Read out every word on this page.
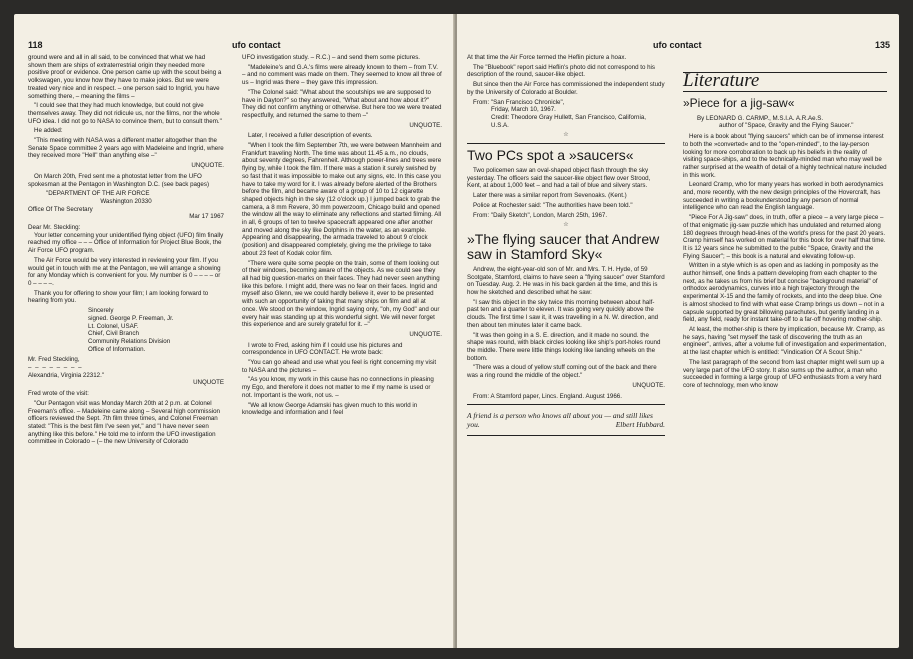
118	ufo contact

ground were and all in all said, to be convinced that what we had shown them are ships of extraterrestrial origin they needed more positive proof or evidence. One person came up with the scout being a volkswagen, you know how they have to make jokes. But we were treated very nice and in respect. – one person said to Ingrid, you have something there, – meaning the films –

"I could see that they had much knowledge, but could not give themselves away. They did not ridicule us, nor the films, nor the whole UFO idea. I did not go to NASA to convince them, but to consult them."

He added:

"This meeting with NASA was a different matter altogether than the Senate Space committee 2 years ago with Madeleine and Ingrid, where they received more "Hell" than anything else –"

UNQUOTE.

On March 20th, Fred sent me a photostat letter from the UFO spokesman at the Pentagon in Washington D.C. (see back pages)

"DEPARTMENT OF THE AIR FORCE
Washington 20330
Office Of The Secretary
Mar 17 1967
Dear Mr. Steckling:

Your letter concerning your unidentified flying object (UFO) film finally reached my office – – – Office of Information for Project Blue Book, the Air Force UFO program.

The Air Force would be very interested in reviewing your film. If you would get in touch with me at the Pentagon, we will arrange a showing for any Monday which is convenient for you. My number is 0 – – – – or 0 – – – –.

Thank you for offering to show your film; I am looking forward to hearing from you.

Sincerely
signed. George P. Freeman, Jr.
Lt. Colonel, USAF.
Chief, Civil Branch
Community Relations Division
Office of Information.
Mr. Fred Steckling,
– – – – – – – –
Alexandria, Virginia 22312."
UNQUOTE

Fred wrote of the visit:

"Our Pentagon visit was Monday March 20th at 2 p.m. at Colonel Freeman's office. – Madeleine came along – Several high commission officers reviewed the Sept. 7th film three times, and Colonel Freeman stated: "This is the best film I've seen yet," and "I have never seen anything like this before." He told me to inform the UFO investigation committee in Colorado – (– the new University of Colorado

UFO investigation study. – R.C.) – and send them some pictures.

"Madeleine's and G.A.'s films were already known to them – from T.V. – and no comment was made on them. They seemed to know all three of us – Ingrid was there – they gave this impression.

"The Colonel said: "What about the scoutships we are supposed to have in Dayton?" so they answered, "What about and how about it?" They did not confirm anything or otherwise. But here too we were treated respectfully, and returned the same to them –"

UNQUOTE.

Later, I received a fuller description of events.

"When I took the film September 7th, we were between Mannheim and Frankfurt traveling North. The time was about 11.45 a.m., no clouds, about seventy degrees, Fahrenheit. Although power-lines and trees were flying by, while I took the film. If there was a station it surely swished by so fast that it was impossible to make out any signs, etc. In this case you have to take my word for it. I was already before alerted of the Brothers before the film, and became aware of a group of 10 to 12 cigarette shaped objects high in the sky (12 o'clock up.) I jumped back to grab the camera, a 8 mm Revere, 30 mm powerzoom, Chicago build and opened the window all the way to eliminate any reflections and started filming. All in all, 6 groups of ten to twelve spacecraft appeared one after another and moved along the sky like Dolphins in the water, as an example. Appearing and disappearing, the armada traveled to about 9 o'clock (position) and disappeared completely, giving me the privilege to take about 23 feet of Kodak color film.

"There were quite some people on the train, some of them looking out of their windows, becoming aware of the objects. As we could see they all had big question-marks on their faces. They had never seen anything like this before. I might add, there was no fear on their faces. Ingrid and myself also Glenn, we we could hardly believe it, ever to be presented with such an opportunity of taking that many ships on film and all at once. We stood on the window, Ingrid saying only, "oh, my God" and our every hair was standing up at this wonderful sight. We will never forget this experience and are surely grateful for it. –"

UNQUOTE.

I wrote to Fred, asking him if I could use his pictures and correspondence in UFO CONTACT. He wrote back:

"You can go ahead and use what you feel is right concerning my visit to NASA and the pictures –

"As you know, my work in this cause has no connections in pleasing my Ego, and therefore it does not matter to me if my name is used or not. Important is the work, not us. –

"We all know George Adamski has given much to this world in knowledge and information and I feel

ufo contact	135

At that time the Air Force termed the Heflin picture a hoax.

The "Bluebook" report said Heflin's photo did not correspond to his description of the round, saucer-like object.

But since then the Air Force has commissioned the independent study by the University of Colorado at Boulder.

From: "San Francisco Chronicle",
Friday, March 10, 1967.
Credit: Theodore Gray Hullett, San Francisco, California, U.S.A.
☆
Two PCs spot a »saucers«

Two policemen saw an oval-shaped object flash through the sky yesterday. The officers said the saucer-like object flew over Strood, Kent, at about 1,000 feet – and had a tail of blue and silvery stars.

Later there was a similar report from Sevenoaks. (Kent.)

Police at Rochester said: "The authorities have been told."

From: "Daily Sketch", London, March 25th, 1967.

☆
»The flying saucer that Andrew saw in Stamford Sky«

Andrew, the eight-year-old son of Mr. and Mrs. T. H. Hyde, of 59 Scotgate, Stamford, claims to have seen a "flying saucer" over Stamford on Tuesday. Aug. 2. He was in his back garden at the time, and this is how he sketched and described what he saw:

"I saw this object in the sky twice this morning between about half-past ten and a quarter to eleven. It was going very quickly above the clouds. The first time I saw it, it was travelling in a N. W. direction, and then about ten minutes later it came back.

"It was then going in a S. E. direction, and it made no sound. the shape was round, with black circles looking like ship's port-holes round the middle. There were little things looking like landing wheels on the bottom.

"There was a cloud of yellow stuff coming out of the back and there was a ring round the middle of the object."

UNQUOTE.

From: A Stamford paper, Lincs. England. August 1966.

A friend is a person who knows all about you — and still likes you.	Elbert Hubbard.
Literature
»Piece for a jig-saw«
By LEONARD G. CARMP., M.S.I.A. A.R.Ae.S.
author of "Space, Gravity and the Flying Saucer."

Here is a book about "flying saucers" which can be of immense interest to both the »converted« and to the "open-minded", to the lay-person looking for more corroboration to back up his beliefs in the reality of visiting space-ships, and to the technically-minded man who may well be rather surprised at the wealth of detail of a highly technical nature included in this work.

Leonard Cramp, who for many years has worked in both aerodynamics and, more recently, with the new design principles of the Hovercraft, has succeeded in writing a bookunderstood.by any person of normal intelligence who can read the English language.

"Piece For A Jig-saw" does, in truth, offer a piece – a very large piece – of that enigmatic jig-saw puzzle which has undulated and returned along 180 degrees through head-lines of the world's press for the past 20 years. Cramp himself has worked on material for this book for over half that time. It is 12 years since he submitted to the public "Space, Gravity and the Flying Saucer"; – this book is a natural and elevating follow-up.

Written in a style which is as open and as lacking in pomposity as the author himself, one finds a pattern developing from each chapter to the next, as he takes us from his brief but concise "background material" of orthodox aerodynamics, curves into a high trajectory through the experimental X-15 and the family of rockets, and into the deep blue. One is almost shocked to find with what ease Cramp brings us down – not in a capsule supported by great billowing parachutes, but gently landing in a field, any field, ready for instant take-off to a far-off hovering mother-ship.

At least, the mother-ship is there by implication, because Mr. Cramp, as he says, having "set myself the task of discovering the truth as an engineer", arrives, after a volume full of investigation and experimentation, at the last chapter which is entitled: "Vindication Of A Scout Ship."

The last paragraph of the second from last chapter might well sum up a very large part of the UFO story. It also sums up the author, a man who succeeded in forming a large group of UFO enthusiasts from a very hard core of technology, men who know
